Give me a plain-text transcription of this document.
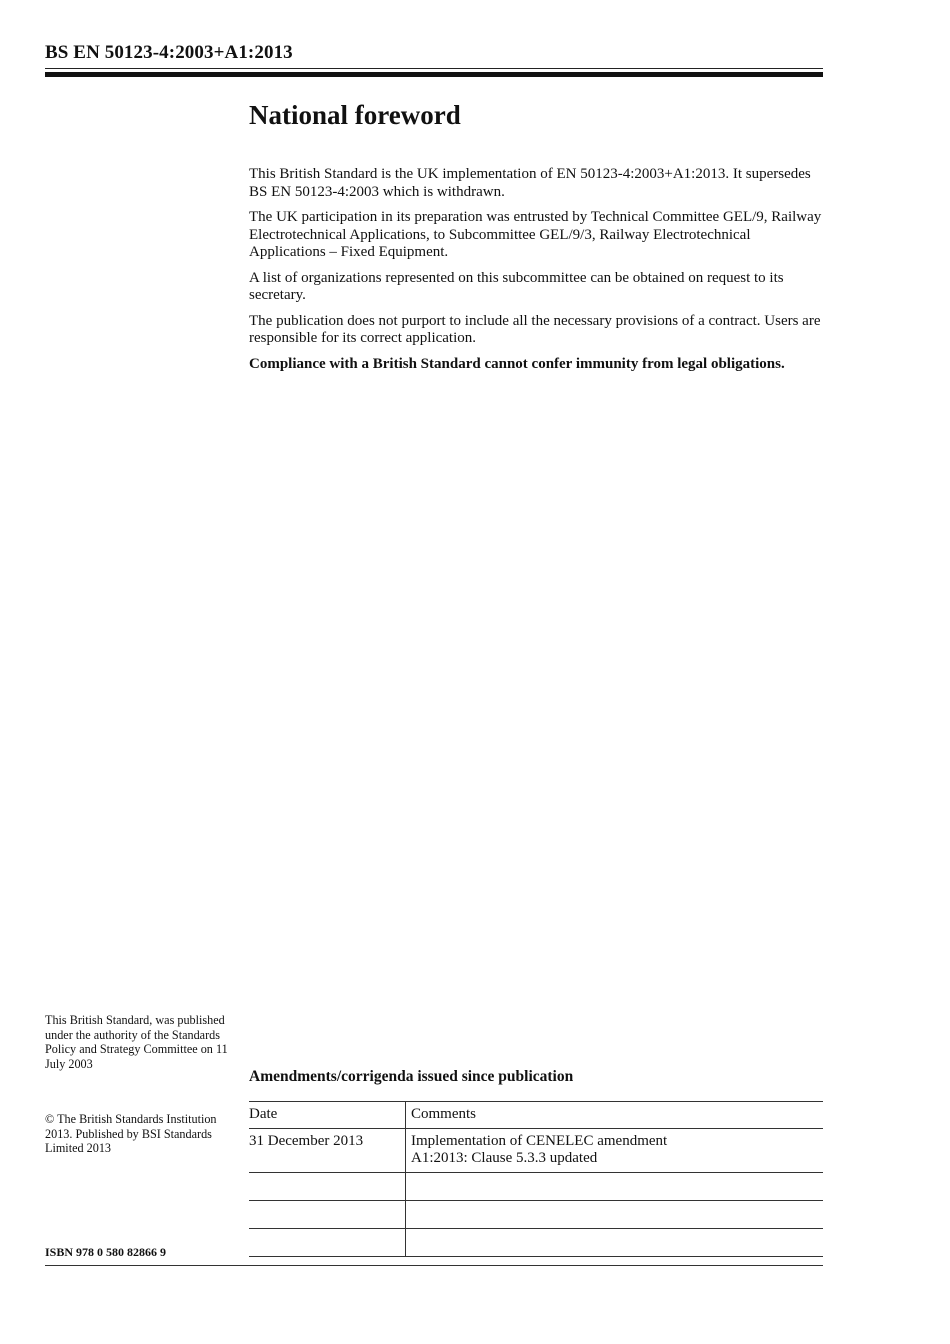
BS EN 50123-4:2003+A1:2013
National foreword

This British Standard is the UK implementation of EN 50123-4:2003+A1:2013. It supersedes BS EN 50123-4:2003 which is withdrawn.

The UK participation in its preparation was entrusted by Technical Committee GEL/9, Railway Electrotechnical Applications, to Subcommittee GEL/9/3, Railway Electrotechnical Applications – Fixed Equipment.

A list of organizations represented on this subcommittee can be obtained on request to its secretary.

The publication does not purport to include all the necessary provisions of a contract. Users are responsible for its correct application.

Compliance with a British Standard cannot confer immunity from legal obligations.

This British Standard, was published under the authority of the Standards Policy and Strategy Committee on 11 July 2003

© The British Standards Institution 2013. Published by BSI Standards Limited 2013

ISBN 978 0 580 82866 9
Amendments/corrigenda issued since publication
Date	Comments
31 December 2013	Implementation of CENELEC amendment
A1:2013: Clause 5.3.3 updated
